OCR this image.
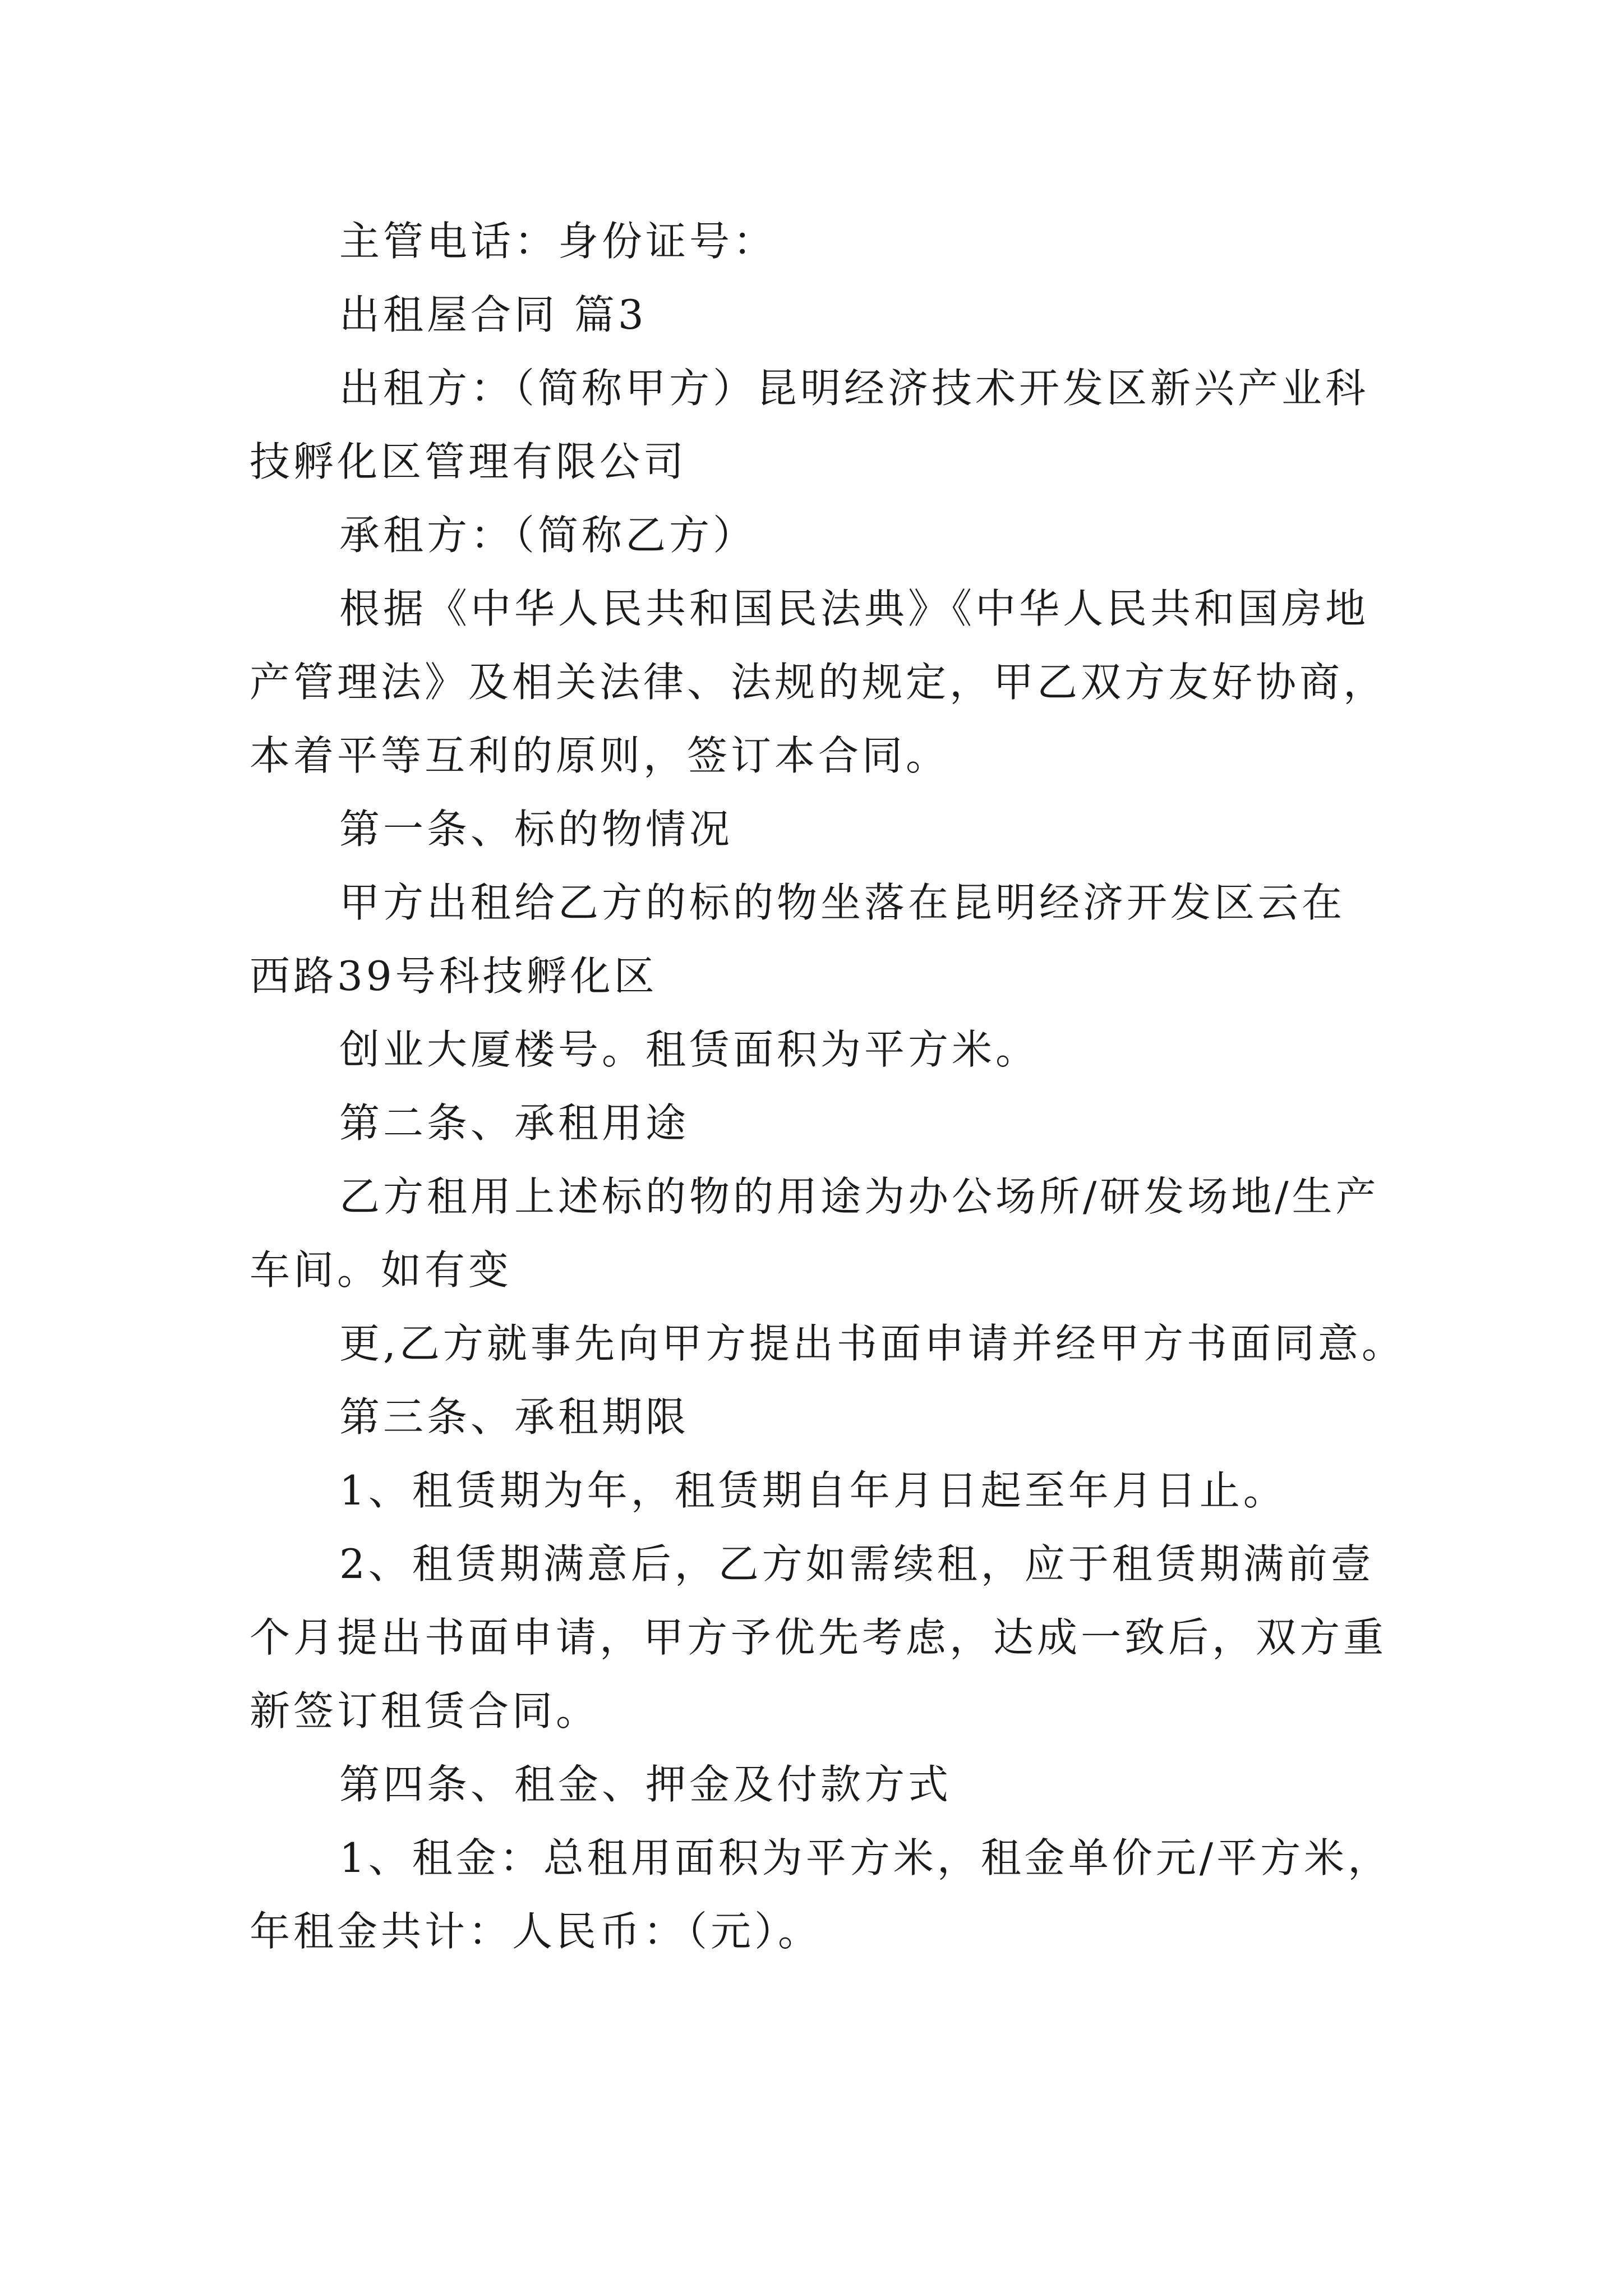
主管电话：身份证号：
出租屋合同 篇3
出租方：（简称甲方）昆明经济技术开发区新兴产业科
技孵化区管理有限公司
承租方：（简称乙方）
根据《中华人民共和国民法典》《中华人民共和国房地
产管理法》及相关法律、法规的规定，甲乙双方友好协商，
本着平等互利的原则，签订本合同。
第一条、标的物情况
甲方出租给乙方的标的物坐落在昆明经济开发区云在
西路39号科技孵化区
创业大厦楼号。租赁面积为平方米。
第二条、承租用途
乙方租用上述标的物的用途为办公场所/研发场地/生产
车间。如有变
更,乙方就事先向甲方提出书面申请并经甲方书面同意。
第三条、承租期限
1、租赁期为年，租赁期自年月日起至年月日止。
2、租赁期满意后，乙方如需续租，应于租赁期满前壹
个月提出书面申请，甲方予优先考虑，达成一致后，双方重
新签订租赁合同。
第四条、租金、押金及付款方式
1、租金：总租用面积为平方米，租金单价元/平方米，
年租金共计：人民币：（元）。
